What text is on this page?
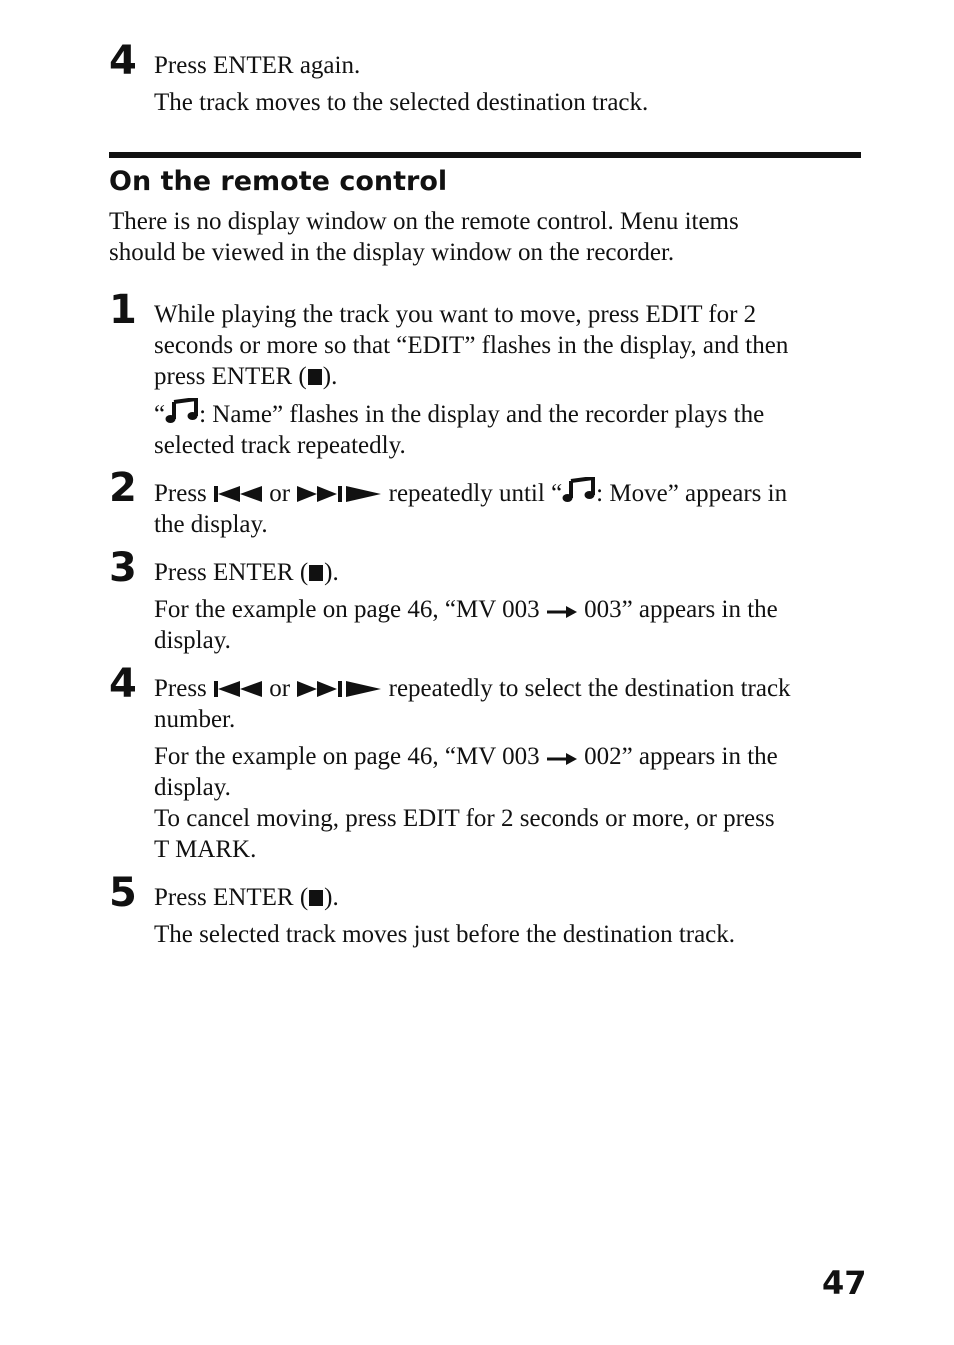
4 Press ENTER again.
The track moves to the selected destination track.
On the remote control
There is no display window on the remote control. Menu items
should be viewed in the display window on the recorder.
1 While playing the track you want to move, press EDIT for 2
seconds or more so that “EDIT” flashes in the display, and then
press ENTER ( ).
“ : Name” flashes in the display and the recorder plays the
selected track repeatedly.
2 Press
or	repeatedly until “ : Move” appears in
the display.
3 Press ENTER ( ).
For the example on page 46, “MV 003
003” appears in the
display.
4 Press
or	repeatedly to select the destination track
number.
For the example on page 46, “MV 003
002” appears in the
display.
To cancel moving, press EDIT for 2 seconds or more, or press
T MARK.
5 Press ENTER ( ).
The selected track moves just before the destination track.
47
